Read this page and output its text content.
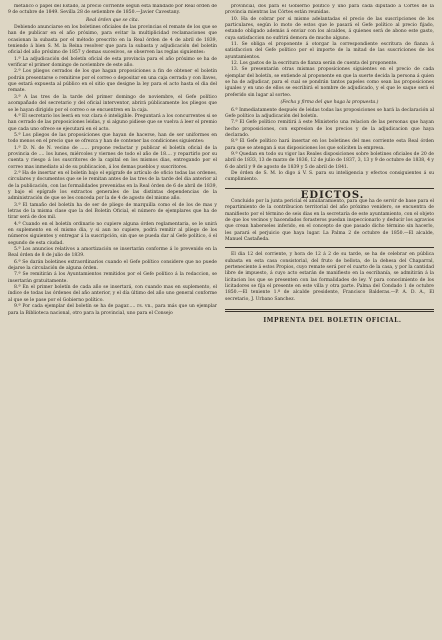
metálico ó papel del Estado, al precio corriente según está mandado por Real órden de 9 de octubre de 1849. Sevilla 28 de setiembre de 1850.—Javier Cavestany.

Real órden que se cita.

Debiendo anunciarse en los boletines oficiales de las provincias el remate de los que se han de publicar en el año próximo, para evitar la multiplicidad reclamaciones que ocasionan la subasta por el método prescrito en la Real órden de 4 de abril de 1839, teniendo á bien S. M. la Reina resolver que para la subasta y adjudicación del boletín oficial del año próximo de 1857 y demas sucesivos, se observen las reglas siguientes:

1.ª La adjudicación del boletín oficial de esta provincia para el año próximo se ha de verificar el primer domingo de noviembre de este año.

2.ª Los pliegos cerrados de los que hagan proposiciones a fin de obtener el boletín podrán presentarse o remitirse por el correo o depositar en una caja cerrada y con llaves, que estará expuesta al público en el sitio que designe la ley para el acto hasta el dia del remate.

3.ª A las tres de la tarde del primer domingo de noviembre, el Gefe político acompañado del secretario y del oficial interventor, abrirá públicamente los pliegos que se le hayan dirigido por el correo o se encuentren en la caja.

4.ª El secretario los leerá en voz clara é inteligible. Preguntará a los concurrentes si se han cerrado de las proposiciones leidas, y si alguno pidiese que se vuelva á leer el premio que cada uno ofrece se ejecutará en el acto.

5.ª Los pliegos de las proposiciones que hayan de hacerse, han de ser uniformes en todo menos en el precio que se ofrezca y han de contener las condiciones siguientes:

1.ª D. N. de N. vecino de ...... propone redactar y publicar el boletín oficial de la provincia de .... los lunes, miércoles y viernes de todo el año de 18.... y repartirlo por su cuenta y riesgo á los suscritores de la capital en los mismos dias, entregando por el correo mas inmediato al de su publicacion, á los demas pueblos y suscritores.

2.ª Ha de insertar en el boletín bajo el epígrafe de artículo de oficio todas las ordenes, circulares y documentos que se le remitan antes de las tres de la tarde del dia anterior al de la publicación, con las formalidades prevenidas en la Real órden de 6 de abril de 1839, y bajo el epígrafe los extractos generales de las distintas dependencias de la administración de que se les conceda por la de 4 de agosto del mismo año.

3.ª El tamaño del boletín ha de ser de pliego de marquilla como el de los de mas y letras de la misma clase que la del Boletín Oficial, el número de ejemplares que ha de tirar será de dos mil.

4.ª Cuando en el boletín ordinario no cupiere alguna órden reglamentaria, se le unirá en suplemento en el mismo dia, y si aun no cupiere, podrá remitir al pliego de los números siguientes y entregar á la suscripción, sin que se pueda dar al Gefe político, ó el segundo de esta ciudad.

5.ª Los anuncios relativos a amortización se insertarán conforme á lo prevenido en la Real órden de 8 de julio de 1839.

6.ª Se darán boletines extraordinarios cuando el Gefe político considere que no puede dejarse la circulación de alguna órden.

7.ª Se remitirán á los Ayuntamientos remitidos por el Gefe político á la redaccion, se insertarán gratuitamente.

8.ª En el primer boletín de cada año se insertará, con cuando mas en suplemento, el índice de todas las órdenes del año anterior, y el día último del año uno general conforme al que se le pase por el Gobierno político.

9.ª Por cada ejemplar del boletín se ha de pagar..... rs. vn., para más que un ejemplar para la Biblioteca nacional, otro para la provincial, uno para el Consejo

provincial, dos para el Gobierno político y uno para cada diputado á Córtes de la provincia mientras las Córtes están reunidas.

10. Ha de cobrar por si mismo adelantadas el precio de las suscripciones de los particulares, según lo moto de estos que le pasará el Gefe político al precio fijado, estando obligado además á enviar con los alcaldes, á quienes será de abono este gasto, cuya satisfaccion no sufrirá demora de mucho alguno.

11. Se obliga el proponente á otorgar la correspondiente escritura de fianza á satisfaccion del Gefe político por el importe de la mitad de las suscriciones de los ayuntamientos.

12. Los gastos de la escritura de fianza serán de cuenta del proponente.

13. Se presentarán otras mismas proposiciones siguientes en el precio de cada ejemplar del boletín, se entiende al proponente en que la suerte decida la persona á quien se ha de adjudicar, para el cual se pondrán tantos papeles como sean las proposiciones iguales y en uno de ellos se escribirá el nombre de adjudicado, y el que le saque será el preferido sin lugar al sorteo.

(Fecha y firma del que haga la propuesta.)

6.ª Inmediatamente después de leidas todas las proposiciones se hará la declaración al Gefe político la adjudicación del boletín.

7.ª El Gefe político remitirá á este Ministerio una relacion de las personas que hayan hecho proposiciones, con expresion de los precios y de la adjudicacion que haya declarado.

8.ª El Gefe político hará insertar en los boletines del mes corriente esta Real órden para que se atengan á sus disposiciones los que soliciten la empresa.

9.ª Quedan en todo su vigor las Reales disposiciones sobre boletines oficiales de 20 de abril de 1833, 13 de marzo de 1836, 12 de julio de 1837, 3, 13 y 9 de octubre de 1838, 4 y 6 de abril y 9 de agosto de 1839 y 5 de abril de 1841.

De órden de S. M. lo digo á V. S. para su inteligencia y efectos consiguientes á su cumplimiento.

EDICTOS.

Concluido por la junta pericial el amillaramiento, para que ha de servir de base para el repartimiento de la contribucion territorial del año próximo venidero, se encuentra de manifiesto por el término de seis dias en la secretaría de este ayuntamiento, con el objeto de que los vecinos y hacendados forasteros puedan inspeccionarlo y deducir los agravios que crean haberseles inferido, en el concepto de que pasado dicho término sin hacerlo, les parará el perjuicio que haya lugar. La Palma 2 de octubre de 1850.—El alcalde, Manuel Castañeda.

El dia 12 del corriente, y hora de 12 á 2 de su tarde, se ha de celebrar en pública subasta en esta casa consistorial, del fruto de bellota, de la dehesa del Chaparral, perteneciente á estos Propios, cuyo remate será por el cuarto de la casa, y por la cantidad libre de impuesto, á cuyo acto estarán de manifiesto en la escribanía, se admitirán á la licitacion los que se presenten con las formalidades de ley. Y para conocimiento de los licitadores se fija el presente en este villa y otra parte. Palma del Condado 1 de octubre 1850.—El teniente 1.º de alcalde presidente, Francisco Balderas.—P. A. D. A., El secretario, J. Urbano Sanchez.

IMPRENTA DEL BOLETIN OFICIAL.
